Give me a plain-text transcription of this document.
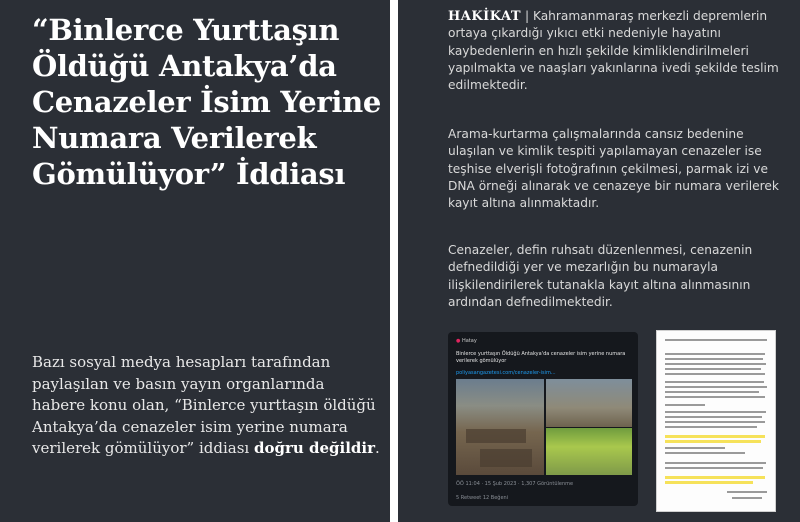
“Binlerce Yurttaşın Öldüğü Antakya’da Cenazeler İsim Yerine Numara Verilerek Gömülüyor” İddiası

Bazı sosyal medya hesapları tarafından paylaşılan ve basın yayın organlarında habere konu olan, “Binlerce yurttaşın öldüğü Antakya’da cenazeler isim yerine numara verilerek gömülüyor” iddiası doğru değildir.

HAKİKAT | Kahramanmaraş merkezli depremlerin ortaya çıkardığı yıkıcı etki nedeniyle hayatını kaybedenlerin en hızlı şekilde kimliklendirilmeleri yapılmakta ve naaşları yakınlarına ivedi şekilde teslim edilmektedir.

Arama-kurtarma çalışmalarında cansız bedenine ulaşılan ve kimlik tespiti yapılamayan cenazeler ise teşhise elverişli fotoğrafının çekilmesi, parmak izi ve DNA örneği alınarak ve cenazeye bir numara verilerek kayıt altına alınmaktadır.

Cenazeler, defin ruhsatı düzenlenmesi, cenazenin defnedildiği yer ve mezarlığın bu numarayla ilişkilendirilerek tutanakla kayıt altına alınmasının ardından defnedilmektedir.

● Hatay
Binlerce yurttaşın Öldüğü Antakya'da cenazeler isim yerine numara verilerek gömülüyor
poliyasangazetesi.com/cenazeler-isim...
ÖÖ 11:04 · 15 Şub 2023 · 1,307 Görüntülenme
5 Retweet 12 Beğeni
